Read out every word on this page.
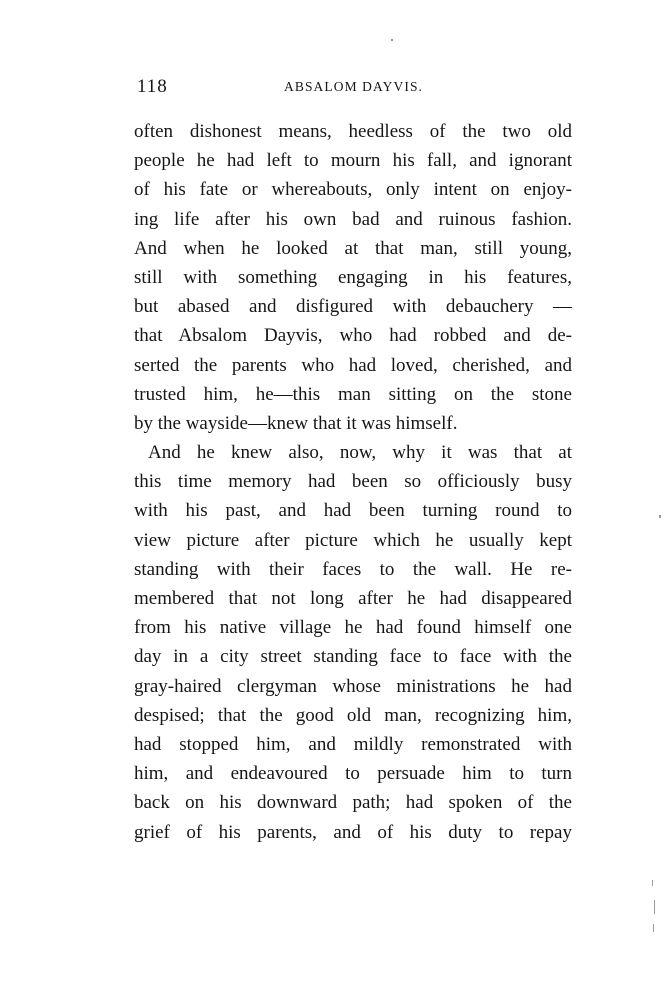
118	ABSALOM DAYVIS.
often dishonest means, heedless of the two old
people he had left to mourn his fall, and ignorant
of his fate or whereabouts, only intent on enjoy-
ing life after his own bad and ruinous fashion.
And when he looked at that man, still young,
still with something engaging in his features,
but abased and disfigured with debauchery —
that Absalom Dayvis, who had robbed and de-
serted the parents who had loved, cherished, and
trusted him, he—this man sitting on the stone
by the wayside—knew that it was himself.
And he knew also, now, why it was that at
this time memory had been so officiously busy
with his past, and had been turning round to
view picture after picture which he usually kept
standing with their faces to the wall. He re-
membered that not long after he had disappeared
from his native village he had found himself one
day in a city street standing face to face with the
gray-haired clergyman whose ministrations he had
despised; that the good old man, recognizing him,
had stopped him, and mildly remonstrated with
him, and endeavoured to persuade him to turn
back on his downward path; had spoken of the
grief of his parents, and of his duty to repay
